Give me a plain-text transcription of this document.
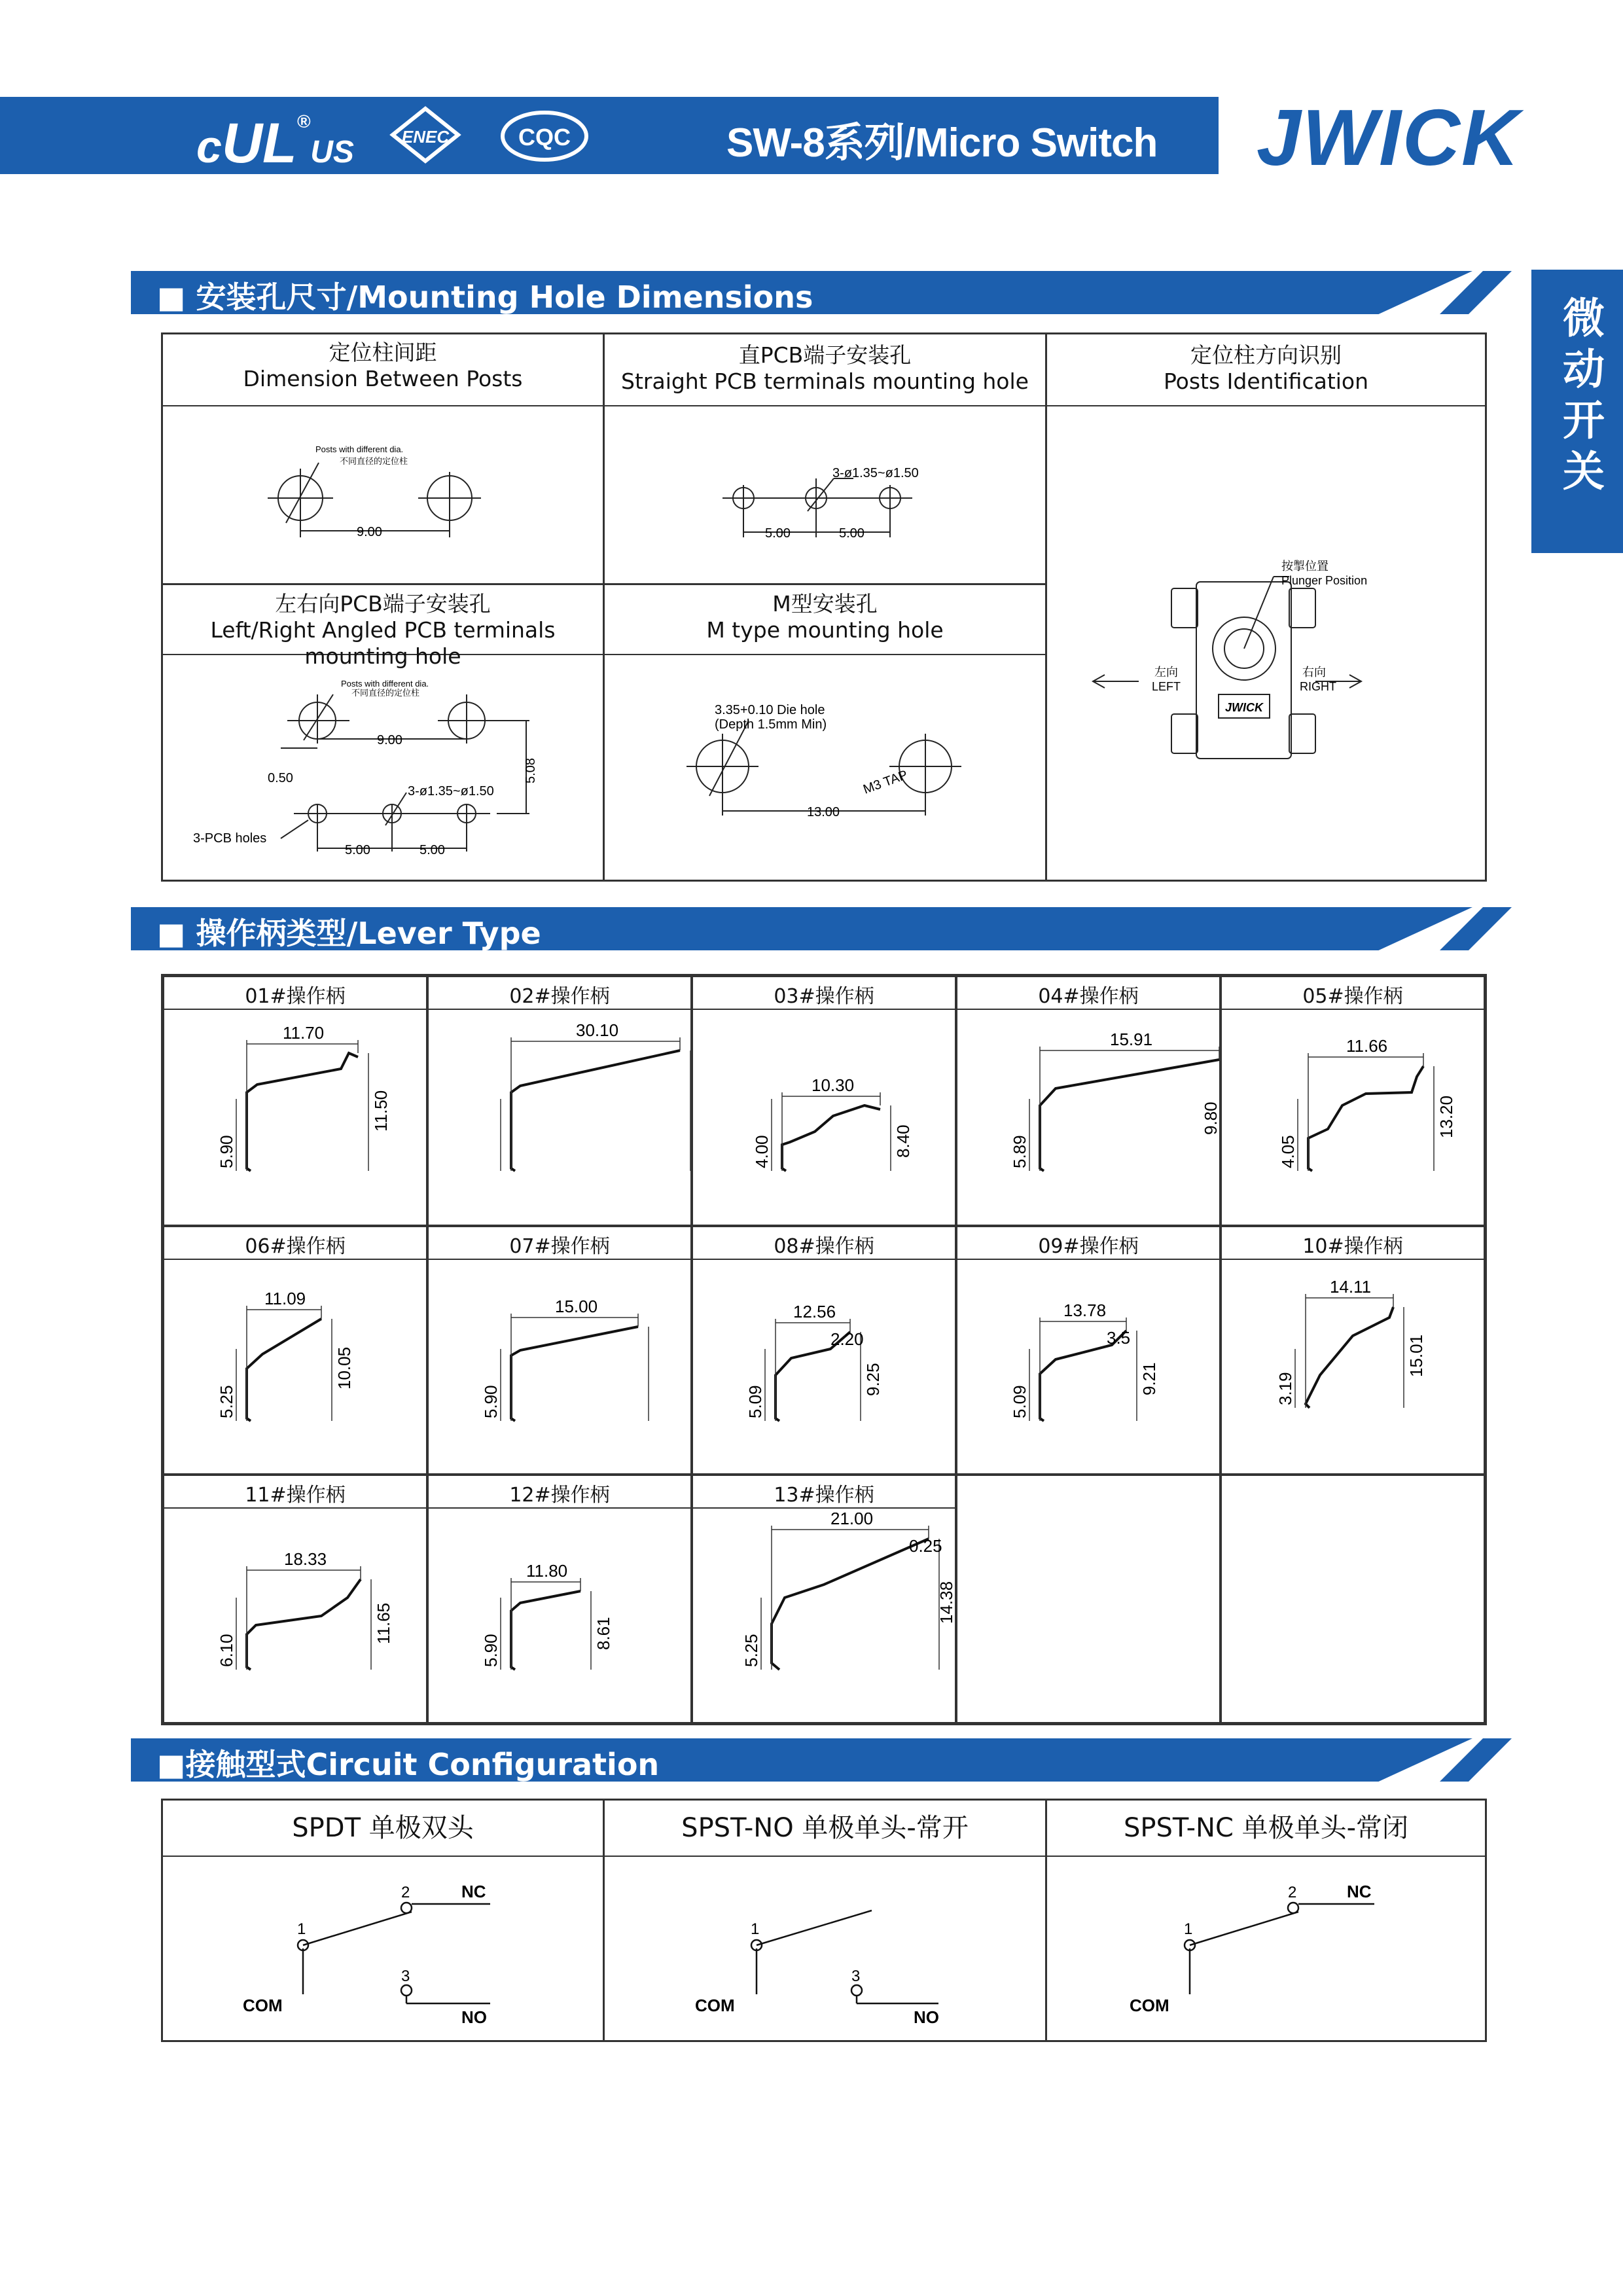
cUL®US	ENEC	CQC	SW-8系列/Micro Switch Series
JWICK
微动开关
■ 安装孔尺寸/Mounting Hole Dimensions
定位柱间距
Dimension Between Posts
直PCB端子安装孔
Straight PCB terminals mounting hole
定位柱方向识别
Posts Identification
左右向PCB端子安装孔
Left/Right Angled PCB terminals mounting hole
M型安装孔
M type mounting hole
Posts with different dia.
不同直径的定位柱
9.00
3-ø1.35~ø1.50
5.00	5.00
Posts with different dia.
不同直径的定位柱
9.00
0.50	5.08
3-ø1.35~ø1.50
3-PCB holes
5.00	5.00
3.35+0.10 Die hole
(Depth 1.5mm Min)
M3 TAP
13.00
按掣位置
Plunger Position
左向
LEFT
右向
RIGHT
JWICK
■ 操作柄类型/Lever Type
01#操作柄
11.70
5.90
11.50
02#操作柄
30.10
03#操作柄
10.30
4.00	8.40
04#操作柄
15.91
5.89
9.80
05#操作柄
11.66
4.05
13.20
06#操作柄
11.09
5.25
10.05
07#操作柄
15.00
5.90
08#操作柄
12.56
5.09
9.25
2.20
09#操作柄
13.78
5.09
9.21
3.5
10#操作柄
14.11
3.19
15.01
11#操作柄
18.33
6.10
11.65
12#操作柄
11.80
5.90
8.61
13#操作柄
21.00
5.25
14.38
0.25
■接触型式Circuit Configuration
SPDT 单极双头	SPST-NO 单极单头-常开	SPST-NC 单极单头-常闭
1
2
3
NC
NO
COM
1
3
NO
COM
1
2	NC
COM
